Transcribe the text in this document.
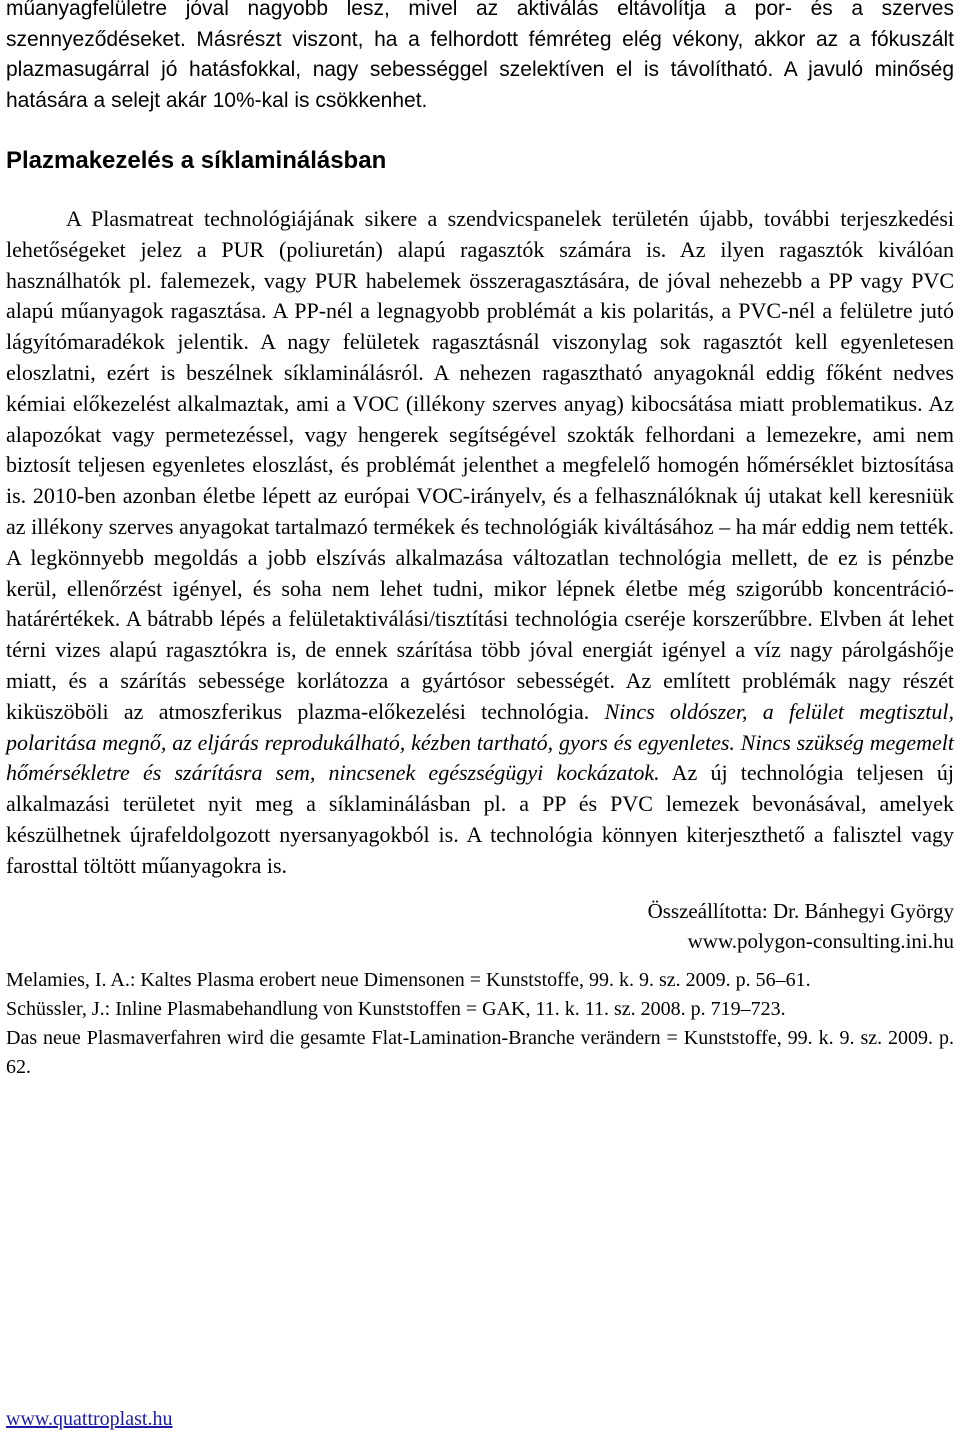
műanyagfelületre jóval nagyobb lesz, mivel az aktiválás eltávolítja a por- és a szerves szennyeződéseket. Másrészt viszont, ha a felhordott fémréteg elég vékony, akkor az a fókuszált plazmasugárral jó hatásfokkal, nagy sebességgel szelektíven el is távolítható. A javuló minőség hatására a selejt akár 10%-kal is csökkenhet.

Plazmakezelés a síklaminálásban

A Plasmatreat technológiájának sikere a szendvicspanelek területén újabb, további terjeszkedési lehetőségeket jelez a PUR (poliuretán) alapú ragasztók számára is. Az ilyen ragasztók kiválóan használhatók pl. falemezek, vagy PUR habelemek összeragasztására, de jóval nehezebb a PP vagy PVC alapú műanyagok ragasztása. A PP-nél a legnagyobb problémát a kis polaritás, a PVC-nél a felületre jutó lágyítómaradékok jelentik. A nagy felületek ragasztásnál viszonylag sok ragasztót kell egyenletesen eloszlatni, ezért is beszélnek síklaminálásról. A nehezen ragasztható anyagoknál eddig főként nedves kémiai előkezelést alkalmaztak, ami a VOC (illékony szerves anyag) kibocsátása miatt problematikus. Az alapozókat vagy permetezéssel, vagy hengerek segítségével szokták felhordani a lemezekre, ami nem biztosít teljesen egyenletes eloszlást, és problémát jelenthet a megfelelő homogén hőmérséklet biztosítása is. 2010-ben azonban életbe lépett az európai VOC-irányelv, és a felhasználóknak új utakat kell keresniük az illékony szerves anyagokat tartalmazó termékek és technológiák kiváltásához – ha már eddig nem tették. A legkönnyebb megoldás a jobb elszívás alkalmazása változatlan technológia mellett, de ez is pénzbe kerül, ellenőrzést igényel, és soha nem lehet tudni, mikor lépnek életbe még szigorúbb koncentráció-határértékek. A bátrabb lépés a felületaktiválási/tisztítási technológia cseréje korszerűbbre. Elvben át lehet térni vizes alapú ragasztókra is, de ennek szárítása több jóval energiát igényel a víz nagy párolgáshője miatt, és a szárítás sebessége korlátozza a gyártósor sebességét. Az említett problémák nagy részét kiküszöböli az atmoszferikus plazma-előkezelési technológia. Nincs oldószer, a felület megtisztul, polaritása megnő, az eljárás reprodukálható, kézben tartható, gyors és egyenletes. Nincs szükség megemelt hőmérsékletre és szárításra sem, nincsenek egészségügyi kockázatok. Az új technológia teljesen új alkalmazási területet nyit meg a síklaminálásban pl. a PP és PVC lemezek bevonásával, amelyek készülhetnek újrafeldolgozott nyersanyagokból is. A technológia könnyen kiterjeszthető a falisztel vagy farosttal töltött műanyagokra is.

Összeállította: Dr. Bánhegyi György
www.polygon-consulting.ini.hu

Melamies, I. A.: Kaltes Plasma erobert neue Dimensonen = Kunststoffe, 99. k. 9. sz. 2009. p. 56–61.

Schüssler, J.: Inline Plasmabehandlung von Kunststoffen = GAK, 11. k. 11. sz. 2008. p. 719–723.

Das neue Plasmaverfahren wird die gesamte Flat-Lamination-Branche verändern = Kunststoffe, 99. k. 9. sz. 2009. p. 62.

www.quattroplast.hu
